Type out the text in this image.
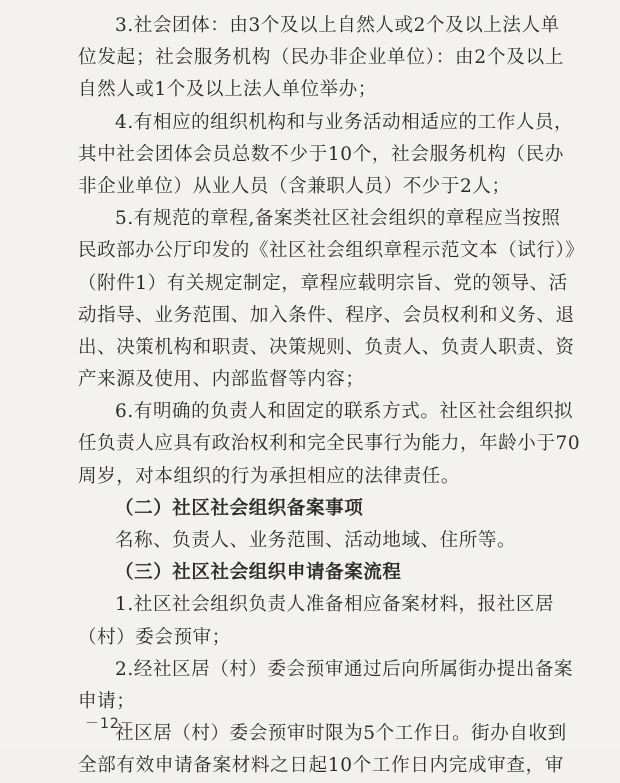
3.社会团体：由3个及以上自然人或2个及以上法人单
位发起；社会服务机构（民办非企业单位）：由2个及以上
自然人或1个及以上法人单位举办；
4.有相应的组织机构和与业务活动相适应的工作人员，
其中社会团体会员总数不少于10个，社会服务机构（民办
非企业单位）从业人员（含兼职人员）不少于2人；
5.有规范的章程,备案类社区社会组织的章程应当按照
民政部办公厅印发的《社区社会组织章程示范文本（试行）》
（附件1）有关规定制定，章程应载明宗旨、党的领导、活
动指导、业务范围、加入条件、程序、会员权利和义务、退
出、决策机构和职责、决策规则、负责人、负责人职责、资
产来源及使用、内部监督等内容；
6.有明确的负责人和固定的联系方式。社区社会组织拟
任负责人应具有政治权利和完全民事行为能力，年龄小于70
周岁，对本组织的行为承担相应的法律责任。
（二）社区社会组织备案事项
名称、负责人、业务范围、活动地域、住所等。
（三）社区社会组织申请备案流程
1.社区社会组织负责人准备相应备案材料，报社区居
（村）委会预审；
2.经社区居（村）委会预审通过后向所属街办提出备案
申请；
社区居（村）委会预审时限为5个工作日。街办自收到
全部有效申请备案材料之日起10个工作日内完成审查，审
－12－
